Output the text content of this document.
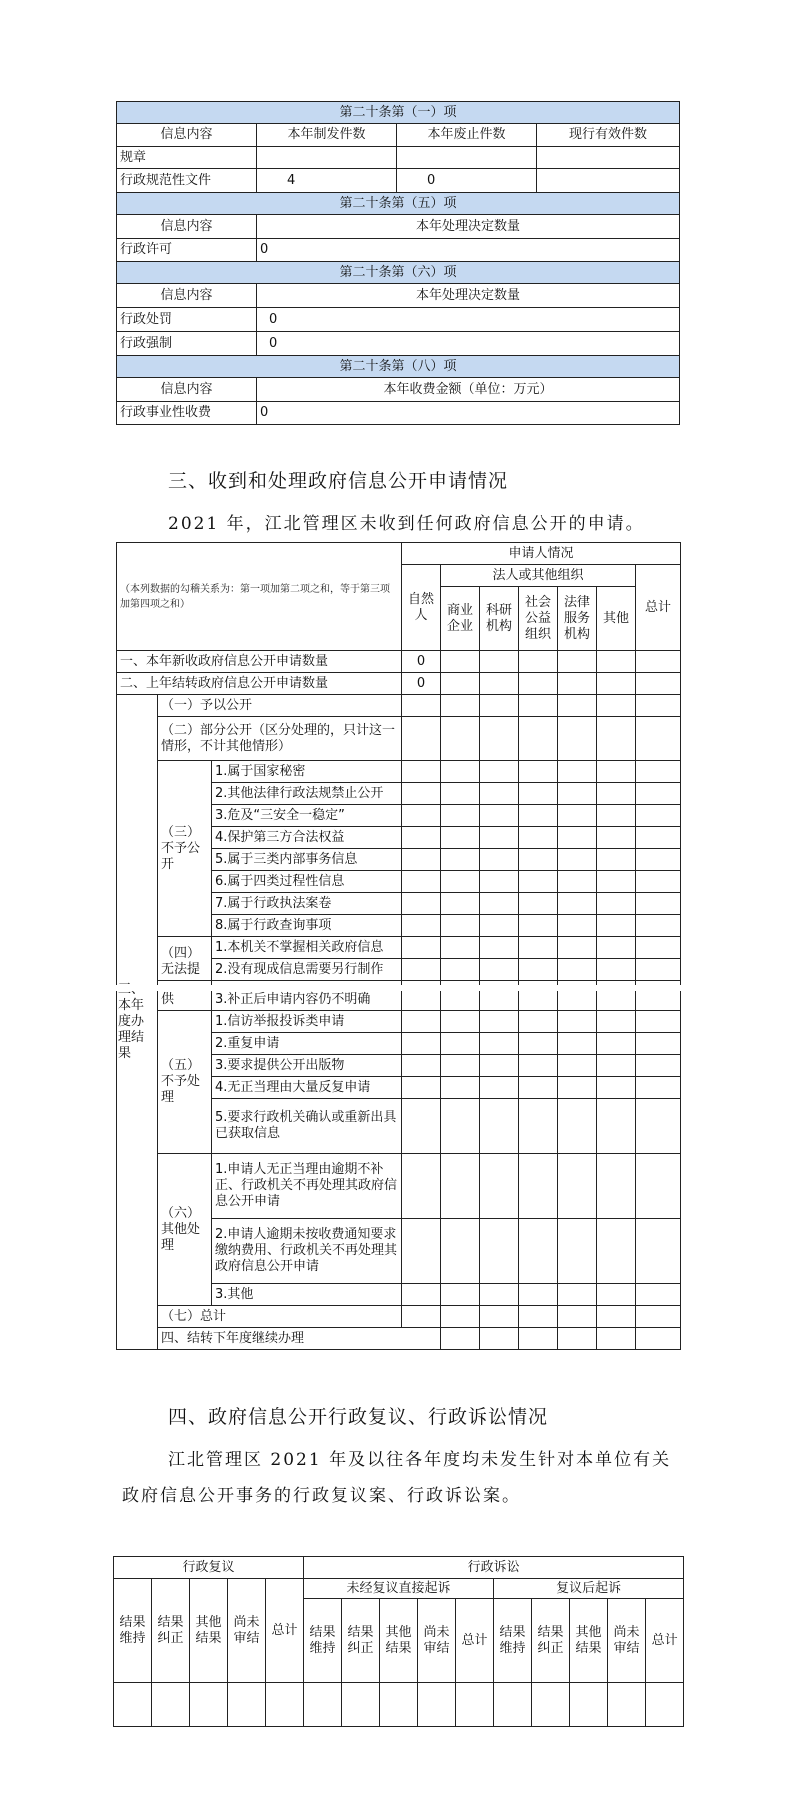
第二十条第（一）项			
信息内容	本年制发件数	本年废止件数	现行有效件数
规章			
行政规范性文件	4	0	
第二十条第（五）项			
信息内容	本年处理决定数量		
行政许可	0		
第二十条第（六）项			
信息内容	本年处理决定数量		
行政处罚	0		
行政强制	0		
第二十条第（八）项			
信息内容	本年收费金额（单位：万元）		
行政事业性收费	0		
三、收到和处理政府信息公开申请情况
2021 年，江北管理区未收到任何政府信息公开的申请。
（本列数据的勾稽关系为：第一项加第二项之和，等于第三项加第四项之和）			申请人情况							
			自然人	法人或其他组织					总计	
				商业企业	科研机构	社会公益组织	法律服务机构	其他		
一、本年新收政府信息公开申请数量			0							
二、上年结转政府信息公开申请数量			0							
本年度办理结果	（一）予以公开									
	（二）部分公开（区分处理的，只计这一情形，不计其他情形）									
	（三）不予公开	1.属于国家秘密								
		2.其他法律行政法规禁止公开								
		3.危及“三安全一稳定”								
		4.保护第三方合法权益								
		5.属于三类内部事务信息								
		6.属于四类过程性信息								
		7.属于行政执法案卷								
		8.属于行政查询事项								
	（四）无法提	1.本机关不掌握相关政府信息								
		2.没有现成信息需要另行制作								
	供	3.补正后申请内容仍不明确								
	（五）不予处理	1.信访举报投诉类申请								
		2.重复申请								
		3.要求提供公开出版物								
		4.无正当理由大量反复申请								
		5.要求行政机关确认或重新出具已获取信息								
	（六）其他处理	1.申请人无正当理由逾期不补正、行政机关不再处理其政府信息公开申请								
		2.申请人逾期未按收费通知要求缴纳费用、行政机关不再处理其政府信息公开申请								
		3.其他								
	（七）总计									
	四、结转下年度继续办理									
四、政府信息公开行政复议、行政诉讼情况
江北管理区 2021 年及以往各年度均未发生针对本单位有关政府信息公开事务的行政复议案、行政诉讼案。
行政复议					行政诉讼									
结果维持	结果纠正	其他结果	尚未审结	总计	未经复议直接起诉					复议后起诉				
					结果维持	结果纠正	其他结果	尚未审结	总计	结果维持	结果纠正	其他结果	尚未审结	总计
